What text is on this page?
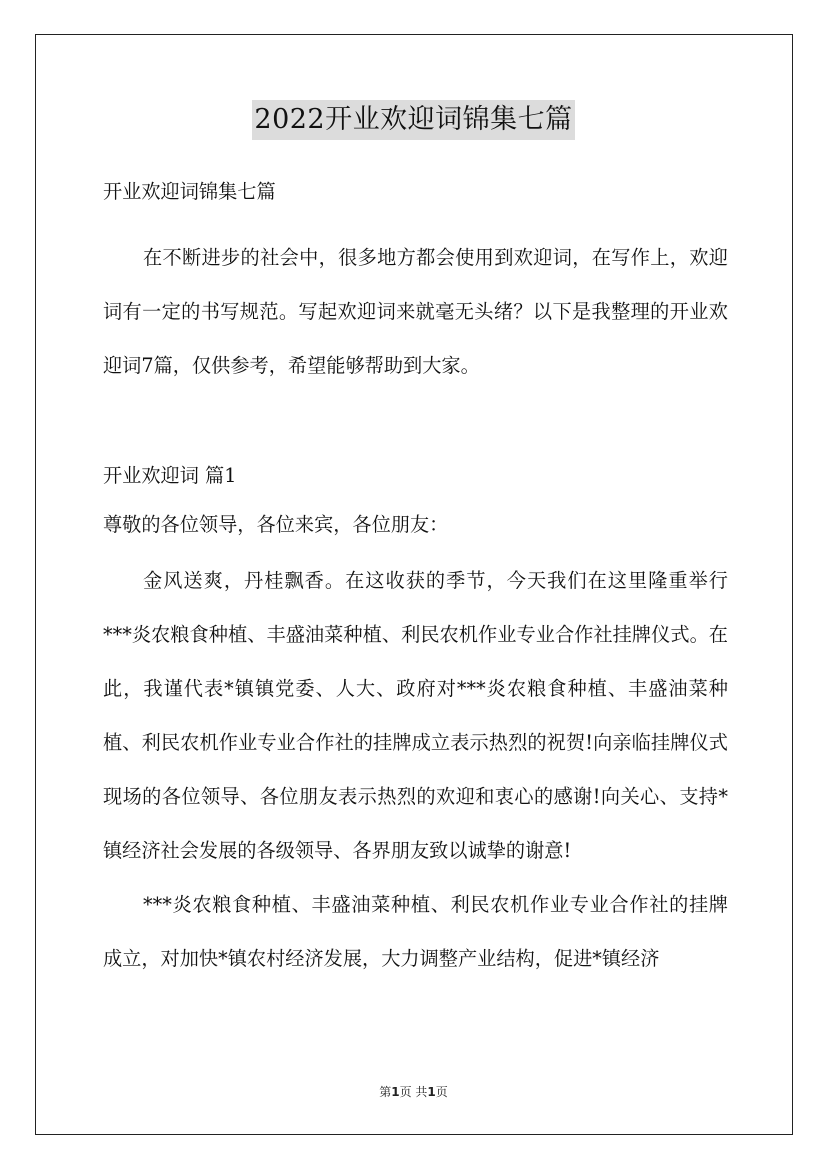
2022开业欢迎词锦集七篇

开业欢迎词锦集七篇

在不断进步的社会中，很多地方都会使用到欢迎词，在写作上，欢迎词有一定的书写规范。写起欢迎词来就毫无头绪？以下是我整理的开业欢迎词7篇，仅供参考，希望能够帮助到大家。

开业欢迎词 篇1

尊敬的各位领导，各位来宾，各位朋友：

金风送爽，丹桂飘香。在这收获的季节，今天我们在这里隆重举行***炎农粮食种植、丰盛油菜种植、利民农机作业专业合作社挂牌仪式。在此，我谨代表*镇镇党委、人大、政府对***炎农粮食种植、丰盛油菜种植、利民农机作业专业合作社的挂牌成立表示热烈的祝贺!向亲临挂牌仪式现场的各位领导、各位朋友表示热烈的欢迎和衷心的感谢!向关心、支持*镇经济社会发展的各级领导、各界朋友致以诚挚的谢意!

***炎农粮食种植、丰盛油菜种植、利民农机作业专业合作社的挂牌成立，对加快*镇农村经济发展，大力调整产业结构，促进*镇经济

第1页 共1页
